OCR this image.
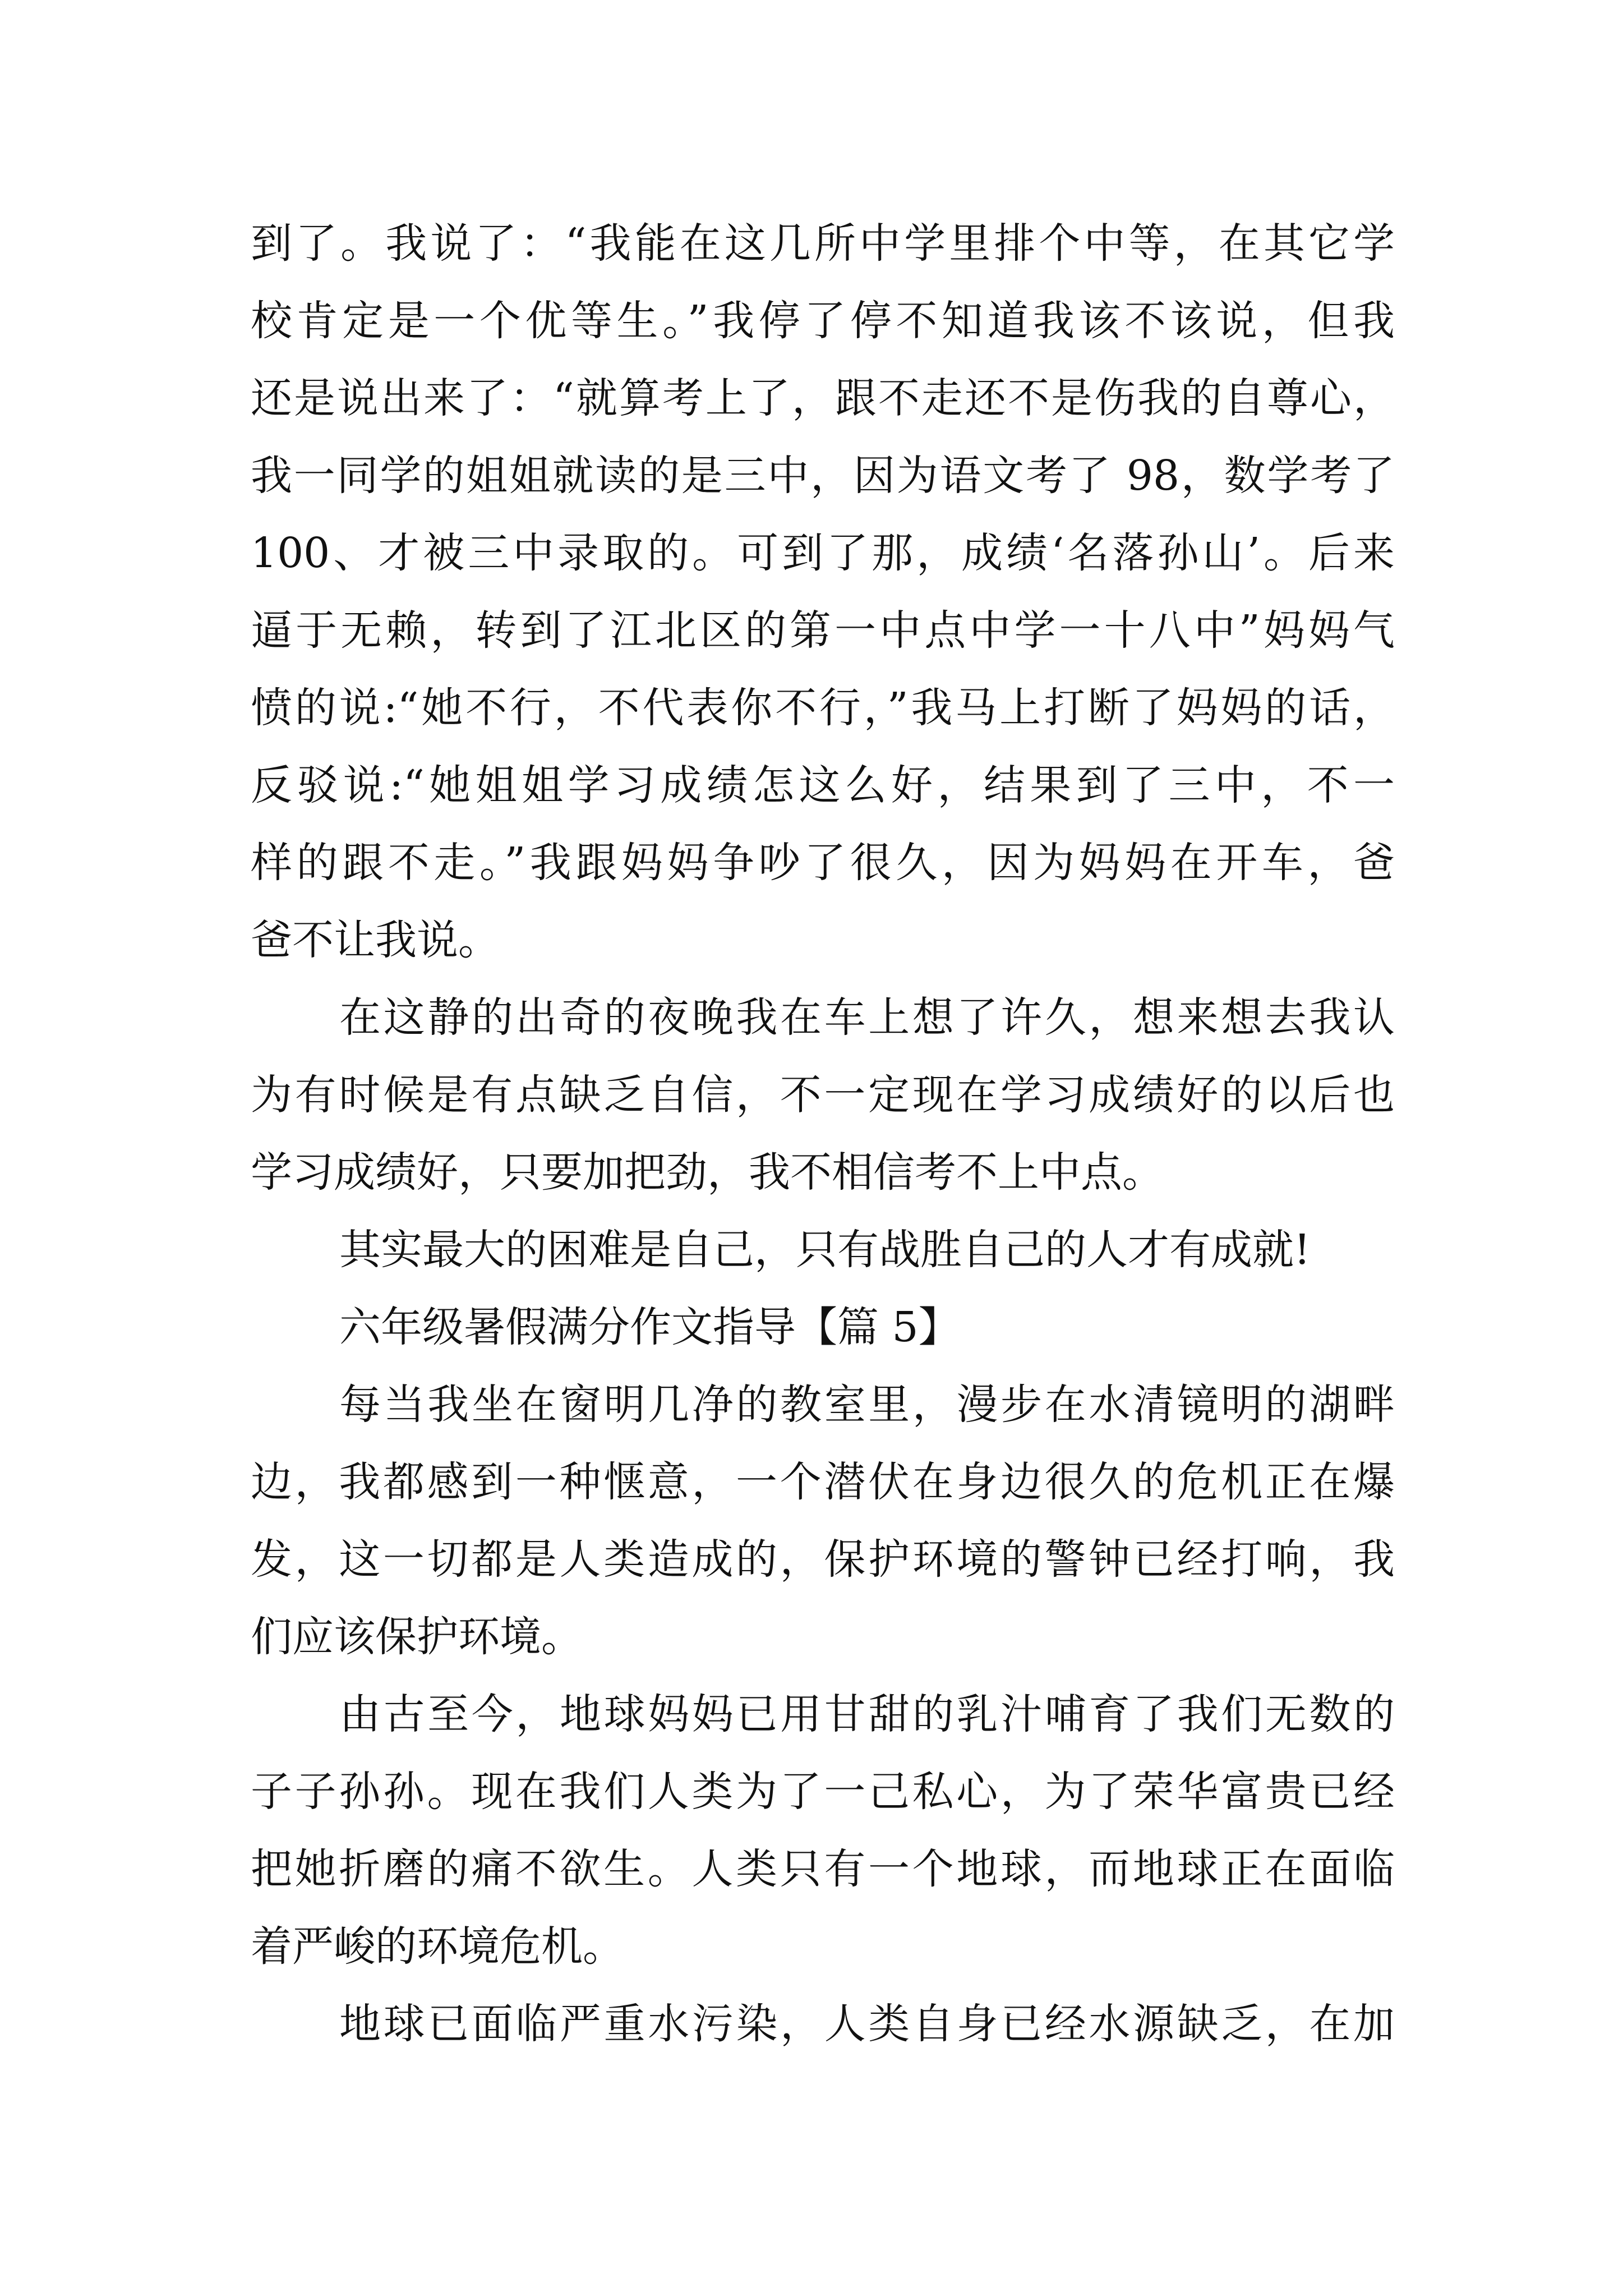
到了。我说了：“我能在这几所中学里排个中等，在其它学
校肯定是一个优等生。”我停了停不知道我该不该说，但我
还是说出来了：“就算考上了，跟不走还不是伤我的自尊心，
我一同学的姐姐就读的是三中，因为语文考了 98，数学考了
100、才被三中录取的。可到了那，成绩‘名落孙山’。后来
逼于无赖，转到了江北区的第一中点中学一十八中”妈妈气
愤的说:“她不行，不代表你不行，”我马上打断了妈妈的话，
反驳说:“她姐姐学习成绩怎这么好，结果到了三中，不一
样的跟不走。”我跟妈妈争吵了很久，因为妈妈在开车，爸
爸不让我说。
在这静的出奇的夜晚我在车上想了许久，想来想去我认
为有时候是有点缺乏自信，不一定现在学习成绩好的以后也
学习成绩好，只要加把劲，我不相信考不上中点。
其实最大的困难是自己，只有战胜自己的人才有成就!
六年级暑假满分作文指导【篇 5】
每当我坐在窗明几净的教室里，漫步在水清镜明的湖畔
边，我都感到一种惬意，一个潜伏在身边很久的危机正在爆
发，这一切都是人类造成的，保护环境的警钟已经打响，我
们应该保护环境。
由古至今，地球妈妈已用甘甜的乳汁哺育了我们无数的
子子孙孙。现在我们人类为了一己私心，为了荣华富贵已经
把她折磨的痛不欲生。人类只有一个地球，而地球正在面临
着严峻的环境危机。
地球已面临严重水污染，人类自身已经水源缺乏，在加
